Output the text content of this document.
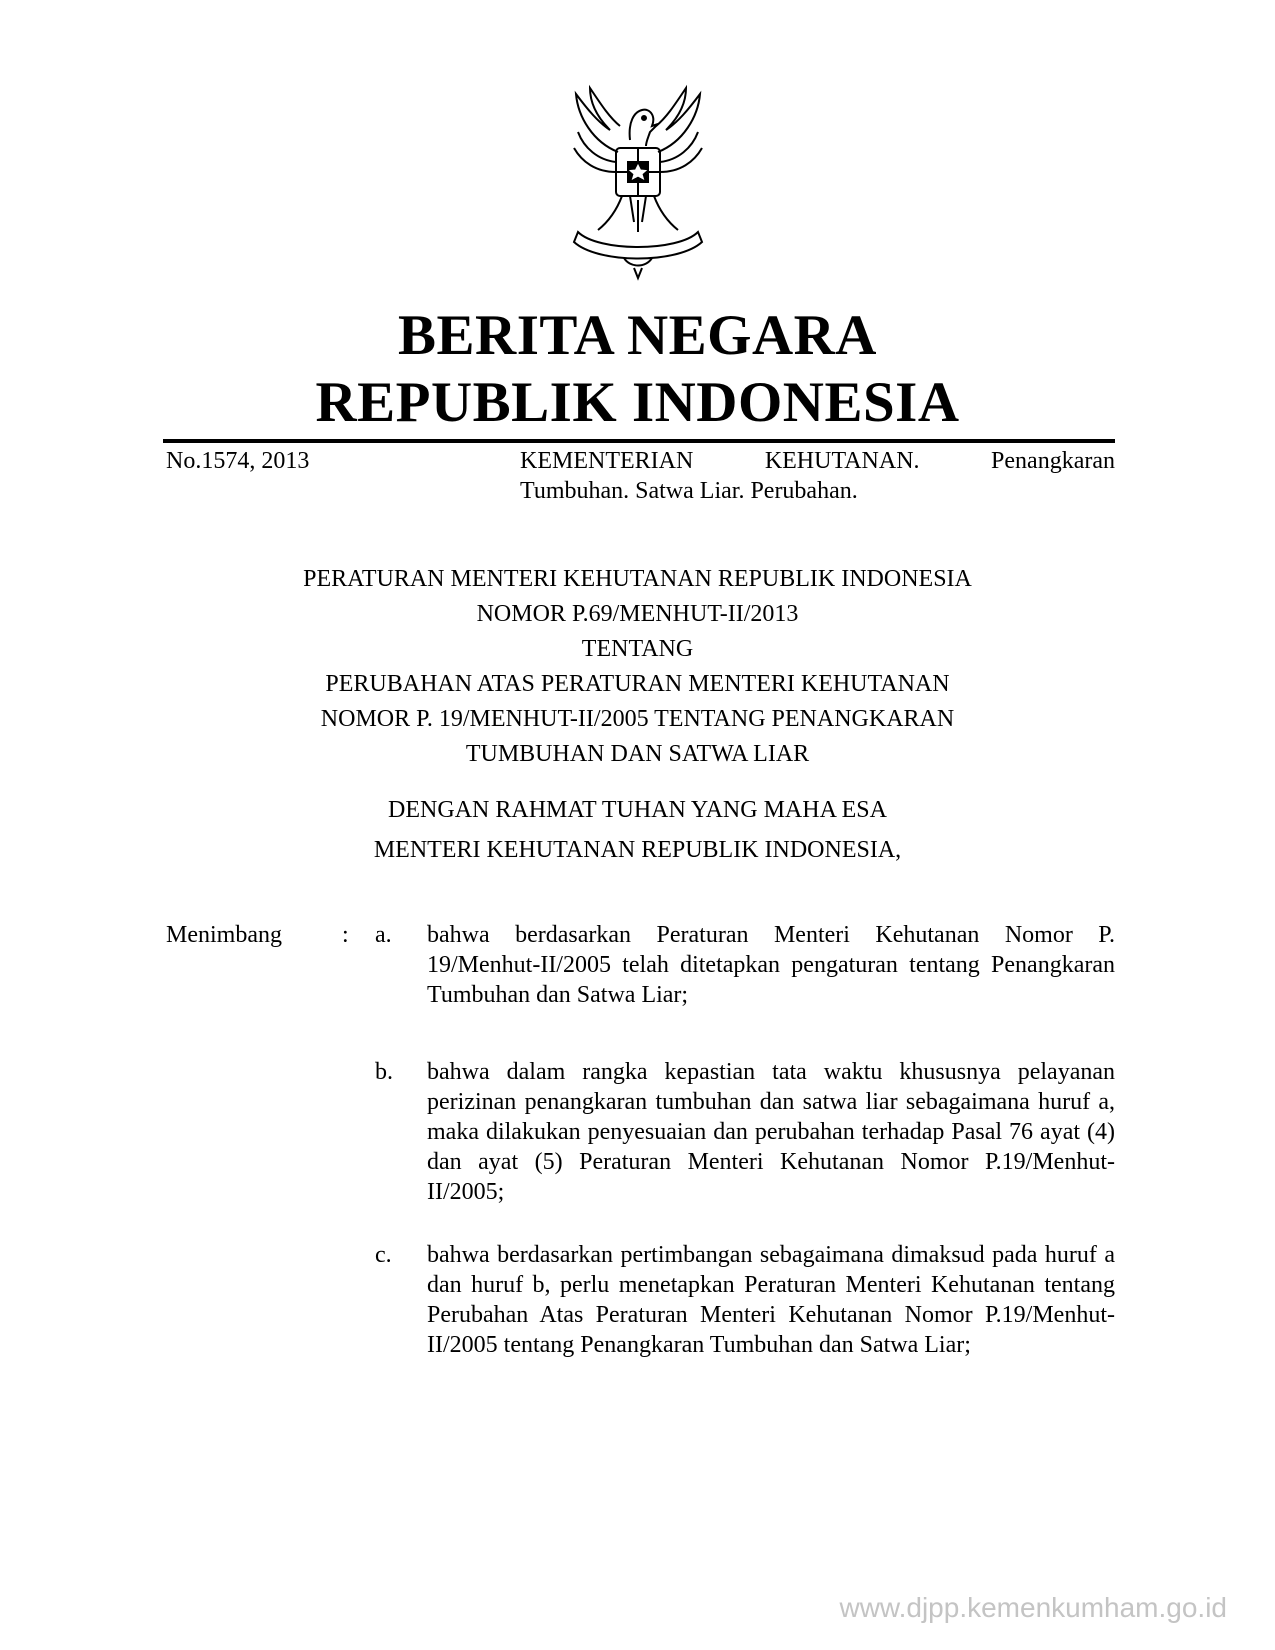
BERITA NEGARA
REPUBLIK INDONESIA
No.1574, 2013	KEMENTERIAN KEHUTANAN. Penangkaran
Tumbuhan. Satwa Liar. Perubahan.
PERATURAN MENTERI KEHUTANAN REPUBLIK INDONESIA
NOMOR P.69/MENHUT-II/2013
TENTANG
PERUBAHAN ATAS PERATURAN MENTERI KEHUTANAN
NOMOR P. 19/MENHUT-II/2005 TENTANG PENANGKARAN
TUMBUHAN DAN SATWA LIAR
DENGAN RAHMAT TUHAN YANG MAHA ESA
MENTERI KEHUTANAN REPUBLIK INDONESIA,
Menimbang	: a.	bahwa berdasarkan Peraturan Menteri Kehutanan Nomor P. 19/Menhut-II/2005 telah ditetapkan pengaturan tentang Penangkaran Tumbuhan dan Satwa Liar;
b.	bahwa dalam rangka kepastian tata waktu khususnya pelayanan perizinan penangkaran tumbuhan dan satwa liar sebagaimana huruf a, maka dilakukan penyesuaian dan perubahan terhadap Pasal 76 ayat (4) dan ayat (5) Peraturan Menteri Kehutanan Nomor P.19/Menhut-II/2005;
c.	bahwa berdasarkan pertimbangan sebagaimana dimaksud pada huruf a dan huruf b, perlu menetapkan Peraturan Menteri Kehutanan tentang Perubahan Atas Peraturan Menteri Kehutanan Nomor P.19/Menhut-II/2005 tentang Penangkaran Tumbuhan dan Satwa Liar;
www.djpp.kemenkumham.go.id
